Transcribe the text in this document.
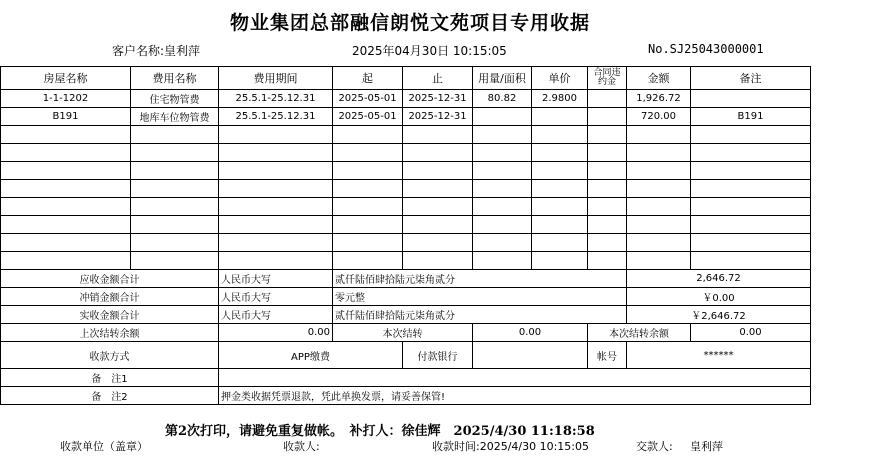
物业集团总部融信朗悦文苑项目专用收据
客户名称:皇利萍	2025年04月30日 10:15:05	No.SJ25043000001
房屋名称	费用名称	费用期间	起	止	用量/面积	单价	合同违约金	金额	备注
1-1-1202	住宅物管费	25.5.1-25.12.31	2025-05-01	2025-12-31	80.82	2.9800		1,926.72	
B191	地库车位物管费	25.5.1-25.12.31	2025-05-01	2025-12-31				720.00	B191

应收金额合计		人民币大写	贰仟陆佰肆拾陆元柒角贰分					2,646.72	
冲销金额合计		人民币大写	零元整					￥0.00	
实收金额合计		人民币大写	贰仟陆佰肆拾陆元柒角贰分					￥2,646.72	
上次结转余额		0.00	本次结转		0.00		本次结转余额		0.00
收款方式		APP缴费		付款银行			帐号	******	
备　注1									
备　注2		押金类收据凭票退款，凭此单换发票，请妥善保管!							
第2次打印，请避免重复做帐。　补打人：徐佳辉　2025/4/30 11:18:58
收款单位（盖章）	收款人:	收款时间:2025/4/30 10:15:05	交款人: 皇利萍
